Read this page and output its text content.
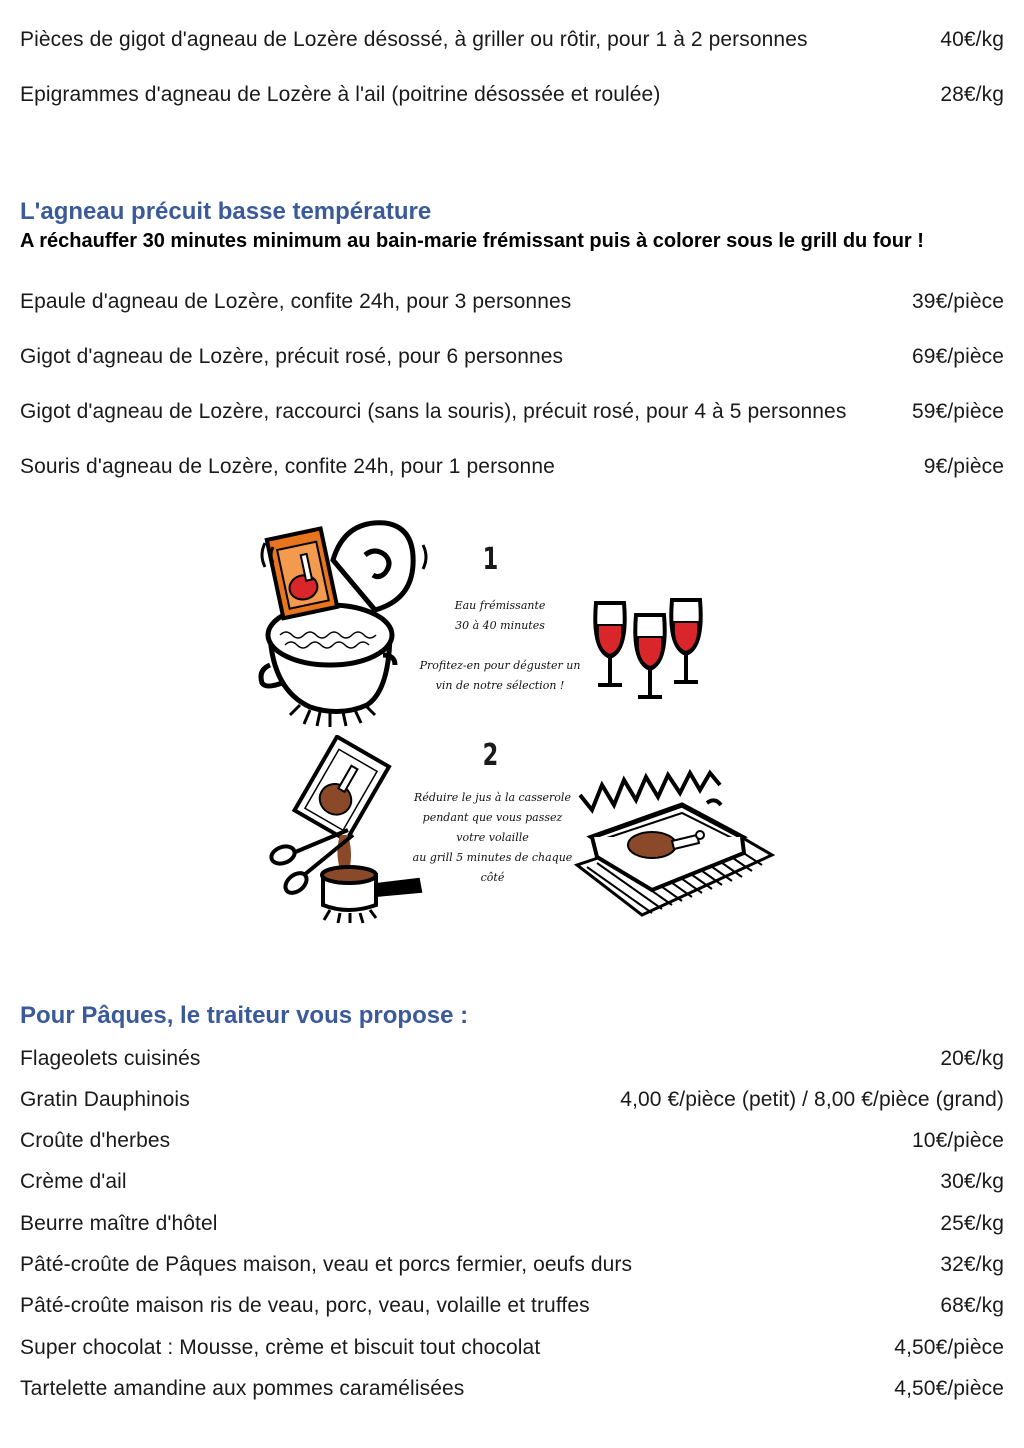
Pièces de gigot d'agneau de Lozère désossé, à griller ou rôtir, pour 1 à 2 personnes	40€/kg
Epigrammes d'agneau de Lozère à l'ail (poitrine désossée et roulée)	28€/kg
L'agneau précuit basse température
A réchauffer 30 minutes minimum au bain-marie frémissant puis à colorer sous le grill du four !
Epaule d'agneau de Lozère, confite 24h, pour 3 personnes	39€/pièce
Gigot d'agneau de Lozère, précuit rosé, pour 6 personnes	69€/pièce
Gigot d'agneau de Lozère, raccourci (sans la souris), précuit rosé, pour 4 à 5 personnes	59€/pièce
Souris d'agneau de Lozère, confite 24h, pour 1 personne	9€/pièce
1
Eau frémissante
30 à 40 minutes
Profitez-en pour déguster un
vin de notre sélection !
2
Réduire le jus à la casserole
pendant que vous passez
votre volaille
au grill 5 minutes de chaque
côté
Pour Pâques, le traiteur vous propose :
Flageolets cuisinés	20€/kg
Gratin Dauphinois	4,00 €/pièce (petit) / 8,00 €/pièce (grand)
Croûte d'herbes	10€/pièce
Crème d'ail	30€/kg
Beurre maître d'hôtel	25€/kg
Pâté-croûte de Pâques maison, veau et porcs fermier, oeufs durs	32€/kg
Pâté-croûte maison ris de veau, porc, veau, volaille et truffes	68€/kg
Super chocolat : Mousse, crème et biscuit tout chocolat	4,50€/pièce
Tartelette amandine aux pommes caramélisées	4,50€/pièce
